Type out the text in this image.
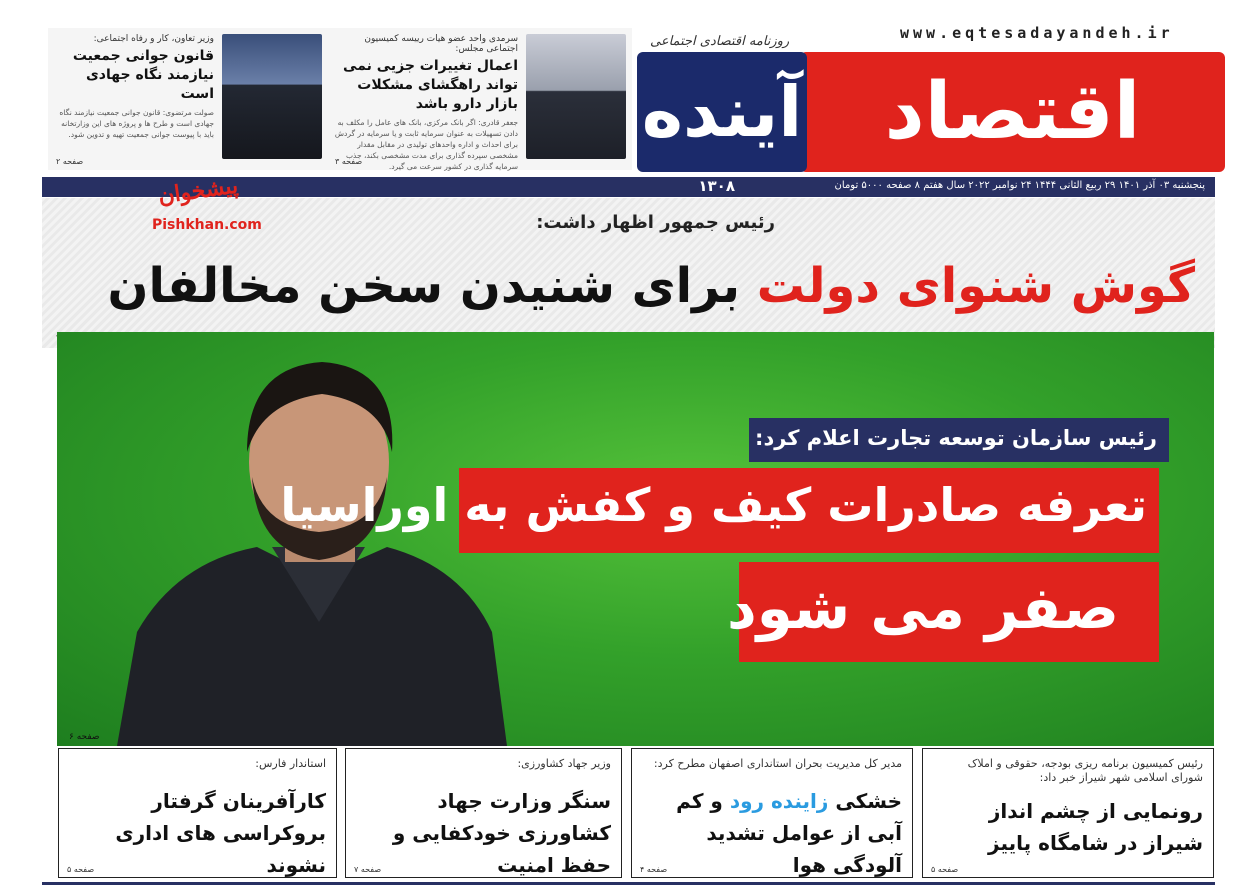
www.eqtesadayandeh.ir
روزنامه اقتصادی اجتماعی
اقتصاد
آینده
سرمدی واحد عضو هیات رییسه کمیسیون اجتماعی مجلس:
اعمال تغییرات جزیی نمی تواند راهگشای مشکلات بازار دارو باشد
جعفر قادری: اگر بانک مرکزی، بانک های عامل را مکلف به دادن تسهیلات به عنوان سرمایه ثابت و یا سرمایه در گردش برای احداث و اداره واحدهای تولیدی در مقابل مقدار مشخصی سپرده گذاری برای مدت مشخصی بکند، جذب سرمایه گذاری در کشور سرعت می گیرد.
صفحه ۳
وزیر تعاون، کار و رفاه اجتماعی:
قانون جوانی جمعیت نیازمند نگاه جهادی است
صولت مرتضوی: قانون جوانی جمعیت نیازمند نگاه جهادی است و طرح ها و پروژه های این وزارتخانه باید با پیوست جوانی جمعیت تهیه و تدوین شود.
صفحه ۲
پنجشنبه ۰۳ آذر ۱۴۰۱ ۲۹ ربیع الثانی ۱۴۴۴ ۲۴ نوامبر ۲۰۲۲ سال هفتم ۸ صفحه ۵۰۰۰ تومان
۱۳۰۸
رئیس جمهور اظهار داشت:
گوش شنوای دولت برای شنیدن سخن مخالفان
پیشخوان
Pishkhan.com
رئیس سازمان توسعه تجارت اعلام کرد:
تعرفه صادرات کیف و کفش به اوراسیا
صفر می شود
صفحه ۶
رئیس کمیسیون برنامه ریزی بودجه، حقوقی و املاک شورای اسلامی شهر شیراز خبر داد:
رونمایی از چشم انداز شیراز در شامگاه پاییز
صفحه ۵
مدیر کل مدیریت بحران استانداری اصفهان مطرح کرد:
خشکی زاینده رود و کم آبی از عوامل تشدید آلودگی هوا
صفحه ۴
وزیر جهاد کشاورزی:
سنگر وزارت جهاد کشاورزی خودکفایی و حفظ امنیت
صفحه ۷
استاندار فارس:
کارآفرینان گرفتار بروکراسی های اداری نشوند
صفحه ۵
